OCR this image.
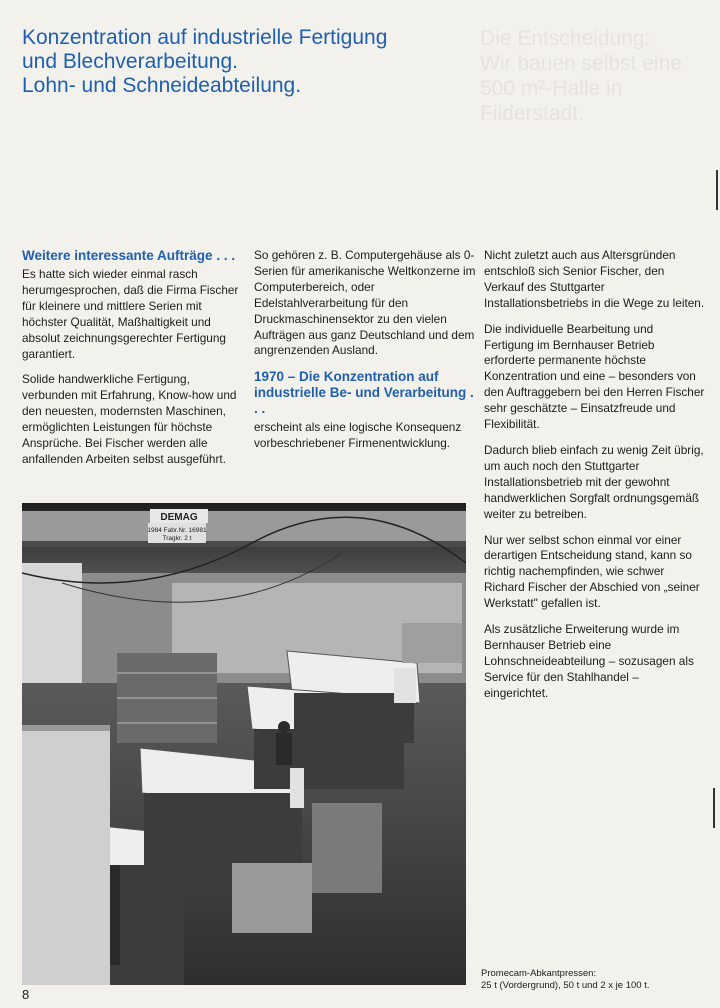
Die Entscheidung:
Wir bauen selbst eine 500 m²-Halle in Filderstadt.
Konzentration auf industrielle Fertigung
und Blechverarbeitung.
Lohn- und Schneideabteilung.
Weitere interessante Aufträge . . .

Es hatte sich wieder einmal rasch herumgesprochen, daß die Firma Fischer für kleinere und mittlere Serien mit höchster Qualität, Maßhaltigkeit und absolut zeichnungsgerechter Fertigung garantiert.

Solide handwerkliche Fertigung, verbunden mit Erfahrung, Know-how und den neuesten, modernsten Maschinen, ermöglichten Leistungen für höchste Ansprüche. Bei Fischer werden alle anfallenden Arbeiten selbst ausgeführt.

So gehören z. B. Computergehäuse als 0-Serien für amerikanische Weltkonzerne im Computerbereich, oder Edelstahlverarbeitung für den Druckmaschinensektor zu den vielen Aufträgen aus ganz Deutschland und dem angrenzenden Ausland.

1970 – Die Konzentration auf industrielle Be- und Verarbeitung . . .

erscheint als eine logische Konsequenz vorbeschriebener Firmenentwicklung.

Nicht zuletzt auch aus Altersgründen entschloß sich Senior Fischer, den Verkauf des Stuttgarter Installationsbetriebs in die Wege zu leiten.

Die individuelle Bearbeitung und Fertigung im Bernhauser Betrieb erforderte permanente höchste Konzentration und eine – besonders von den Auftraggebern bei den Herren Fischer sehr geschätzte – Einsatzfreude und Flexibilität.

Dadurch blieb einfach zu wenig Zeit übrig, um auch noch den Stuttgarter Installationsbetrieb mit der gewohnt handwerklichen Sorgfalt ordnungsgemäß weiter zu betreiben.

Nur wer selbst schon einmal vor einer derartigen Entscheidung stand, kann so richtig nachempfinden, wie schwer Richard Fischer der Abschied von „seiner Werkstatt" gefallen ist.

Als zusätzliche Erweiterung wurde im Bernhauser Betrieb eine Lohnschneideabteilung – sozusagen als Service für den Stahlhandel – eingerichtet.

DEMAG
1984 Fabr.Nr. 16981
Tragkr. 2 t
Promecam-Abkantpressen:
25 t (Vordergrund), 50 t und 2 x je 100 t.
8
